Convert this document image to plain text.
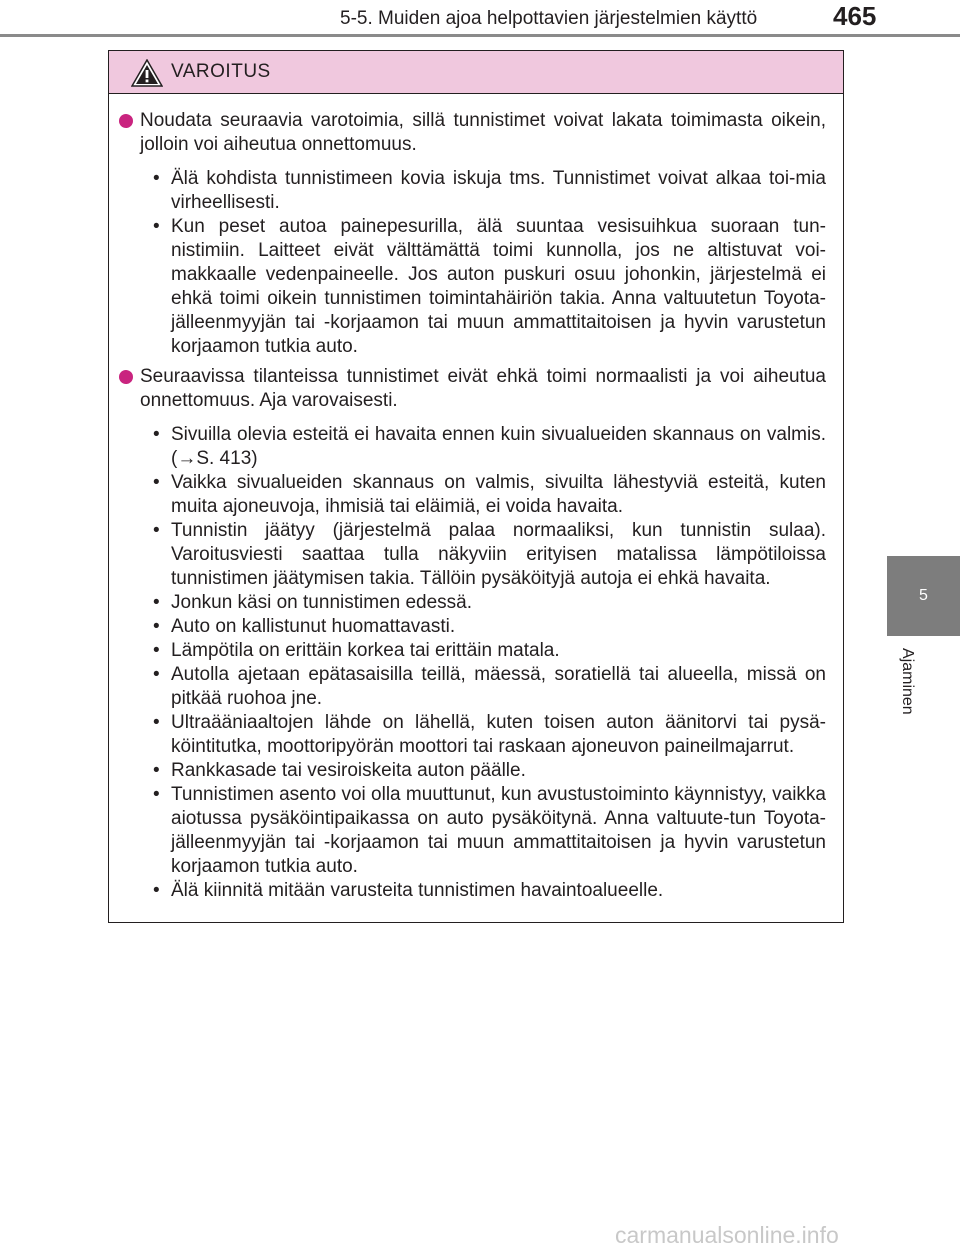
5-5. Muiden ajoa helpottavien järjestelmien käyttö	465
5
Ajaminen
VAROITUS
Noudata seuraavia varotoimia, sillä tunnistimet voivat lakata toimimasta oikein, jolloin voi aiheutua onnettomuus.
• Älä kohdista tunnistimeen kovia iskuja tms. Tunnistimet voivat alkaa toi-mia virheellisesti.
• Kun peset autoa painepesurilla, älä suuntaa vesisuihkua suoraan tun-nistimiin. Laitteet eivät välttämättä toimi kunnolla, jos ne altistuvat voi-makkaalle vedenpaineelle. Jos auton puskuri osuu johonkin, järjestelmä ei ehkä toimi oikein tunnistimen toimintahäiriön takia. Anna valtuutetun Toyota-jälleenmyyjän tai -korjaamon tai muun ammattitaitoisen ja hyvin varustetun korjaamon tutkia auto.
Seuraavissa tilanteissa tunnistimet eivät ehkä toimi normaalisti ja voi aiheutua onnettomuus. Aja varovaisesti.
• Sivuilla olevia esteitä ei havaita ennen kuin sivualueiden skannaus on valmis. (→S. 413)
• Vaikka sivualueiden skannaus on valmis, sivuilta lähestyviä esteitä, kuten muita ajoneuvoja, ihmisiä tai eläimiä, ei voida havaita.
• Tunnistin jäätyy (järjestelmä palaa normaaliksi, kun tunnistin sulaa). Varoitusviesti saattaa tulla näkyviin erityisen matalissa lämpötiloissa tunnistimen jäätymisen takia. Tällöin pysäköityjä autoja ei ehkä havaita.
• Jonkun käsi on tunnistimen edessä.
• Auto on kallistunut huomattavasti.
• Lämpötila on erittäin korkea tai erittäin matala.
• Autolla ajetaan epätasaisilla teillä, mäessä, soratiellä tai alueella, missä on pitkää ruohoa jne.
• Ultraääniaaltojen lähde on lähellä, kuten toisen auton äänitorvi tai pysä-köintitutka, moottoripyörän moottori tai raskaan ajoneuvon paineilmajarrut.
• Rankkasade tai vesiroiskeita auton päälle.
• Tunnistimen asento voi olla muuttunut, kun avustustoiminto käynnistyy, vaikka aiotussa pysäköintipaikassa on auto pysäköitynä. Anna valtuute-tun Toyota-jälleenmyyjän tai -korjaamon tai muun ammattitaitoisen ja hyvin varustetun korjaamon tutkia auto.
• Älä kiinnitä mitään varusteita tunnistimen havaintoalueelle.
carmanualsonline.info
